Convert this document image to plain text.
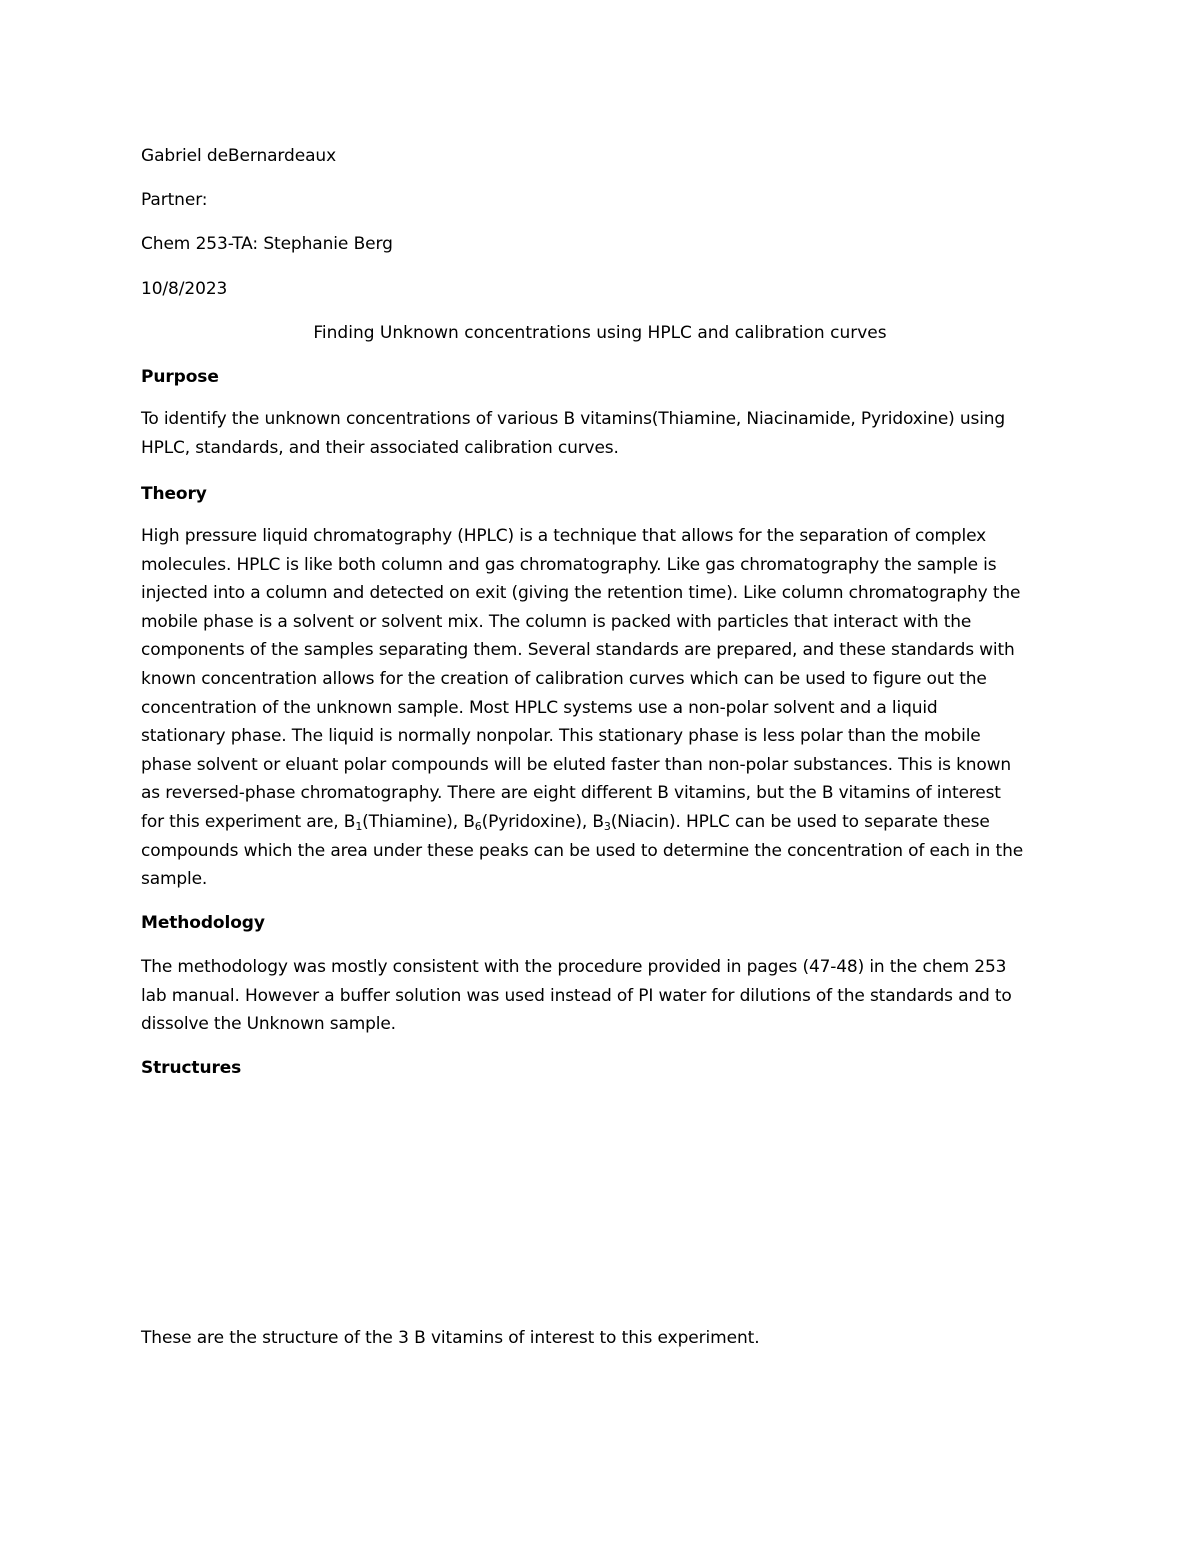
Gabriel deBernardeaux
Partner:
Chem 253-TA: Stephanie Berg
10/8/2023
Finding Unknown concentrations using HPLC and calibration curves
Purpose
To identify the unknown concentrations of various B vitamins(Thiamine, Niacinamide, Pyridoxine) using
HPLC, standards, and their associated calibration curves.
Theory
High pressure liquid chromatography (HPLC) is a technique that allows for the separation of complex
molecules. HPLC is like both column and gas chromatography. Like gas chromatography the sample is
injected into a column and detected on exit (giving the retention time). Like column chromatography the
mobile phase is a solvent or solvent mix. The column is packed with particles that interact with the
components of the samples separating them. Several standards are prepared, and these standards with
known concentration allows for the creation of calibration curves which can be used to figure out the
concentration of the unknown sample. Most HPLC systems use a non-polar solvent and a liquid
stationary phase. The liquid is normally nonpolar. This stationary phase is less polar than the mobile
phase solvent or eluant polar compounds will be eluted faster than non-polar substances. This is known
as reversed-phase chromatography. There are eight different B vitamins, but the B vitamins of interest
for this experiment are, $B_1(Thiamine)$, $B_6(Pyridoxine)$, $B_3(Niacin)$. HPLC can be used to separate these
compounds which the area under these peaks can be used to determine the concentration of each in the
sample.
Methodology
The methodology was mostly consistent with the procedure provided in pages (47-48) in the chem 253
lab manual. However a buffer solution was used instead of PI water for dilutions of the standards and to
dissolve the Unknown sample.
Structures
These are the structure of the 3 B vitamins of interest to this experiment.
